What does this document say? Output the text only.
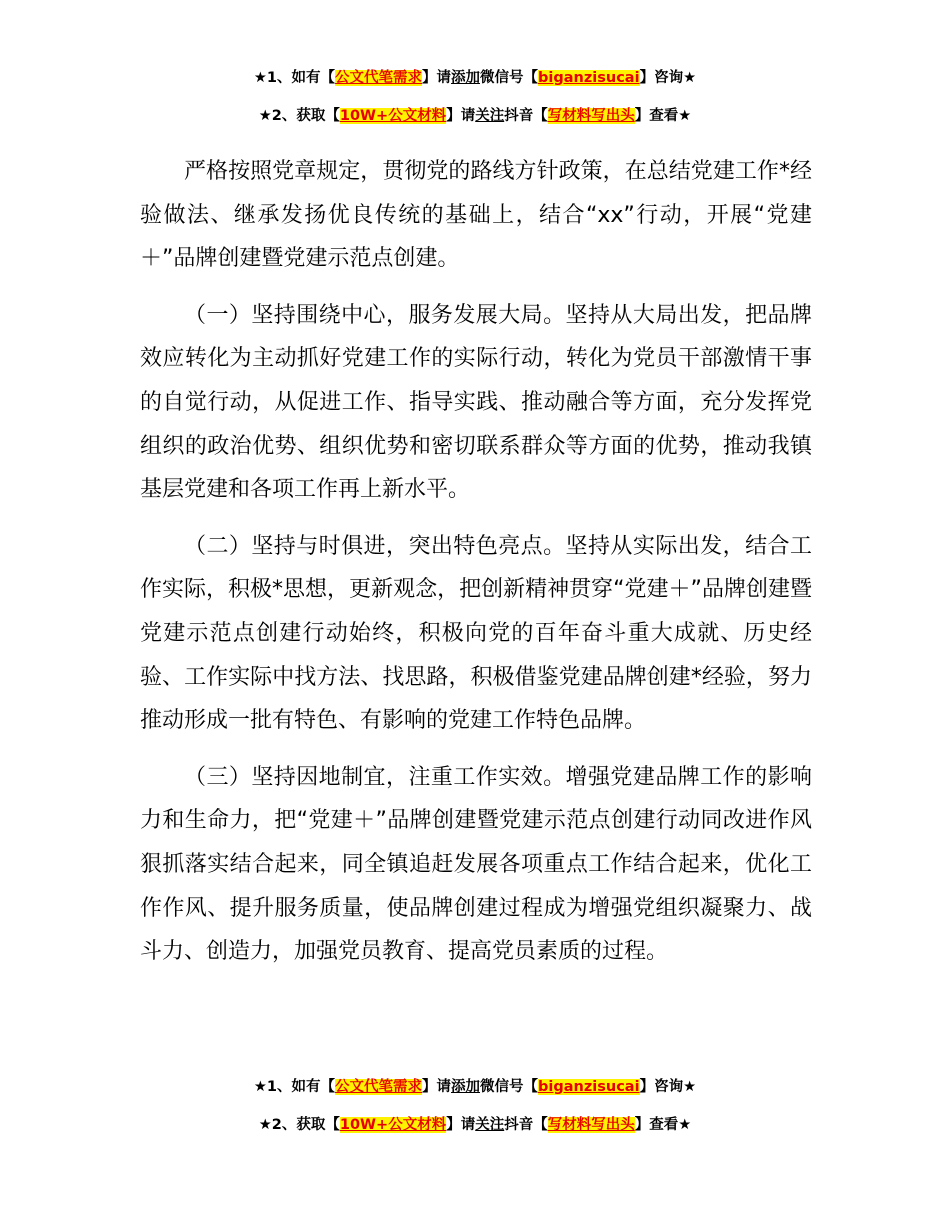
★1、如有【公文代笔需求】请添加微信号【biganzisucai】咨询★
★2、获取【10W+公文材料】请关注抖音【写材料写出头】查看★

严格按照党章规定，贯彻党的路线方针政策，在总结党建工作*经验做法、继承发扬优良传统的基础上，结合“xx”行动，开展“党建＋”品牌创建暨党建示范点创建。

（一）坚持围绕中心，服务发展大局。坚持从大局出发，把品牌效应转化为主动抓好党建工作的实际行动，转化为党员干部激情干事的自觉行动，从促进工作、指导实践、推动融合等方面，充分发挥党组织的政治优势、组织优势和密切联系群众等方面的优势，推动我镇基层党建和各项工作再上新水平。

（二）坚持与时俱进，突出特色亮点。坚持从实际出发，结合工作实际，积极*思想，更新观念，把创新精神贯穿“党建＋”品牌创建暨党建示范点创建行动始终，积极向党的百年奋斗重大成就、历史经验、工作实际中找方法、找思路，积极借鉴党建品牌创建*经验，努力推动形成一批有特色、有影响的党建工作特色品牌。

（三）坚持因地制宜，注重工作实效。增强党建品牌工作的影响力和生命力，把“党建＋”品牌创建暨党建示范点创建行动同改进作风狠抓落实结合起来，同全镇追赶发展各项重点工作结合起来，优化工作作风、提升服务质量，使品牌创建过程成为增强党组织凝聚力、战斗力、创造力，加强党员教育、提高党员素质的过程。

★1、如有【公文代笔需求】请添加微信号【biganzisucai】咨询★
★2、获取【10W+公文材料】请关注抖音【写材料写出头】查看★
